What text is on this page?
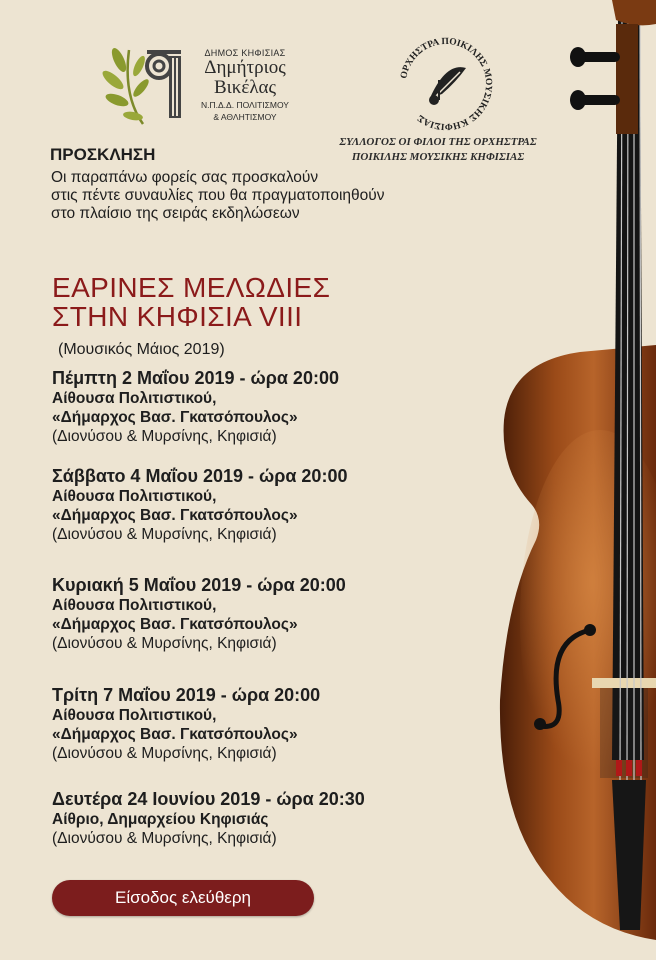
ΔΗΜΟΣ ΚΗΦΙΣΙΑΣ
Δημήτριος
Βικέλας
Ν.Π.Δ.Δ. ΠΟΛΙΤΙΣΜΟΥ
& ΑΘΛΗΤΙΣΜΟΥ
ΟΡΧΗΣΤΡΑ ΠΟΙΚΙΛΗΣ ΜΟΥΣΙΚΗΣ ΚΗΦΙΣΙΑΣ
ΣΥΛΛΟΓΟΣ ΟΙ ΦΙΛΟΙ ΤΗΣ ΟΡΧΗΣΤΡΑΣ
ΠΟΙΚΙΛΗΣ ΜΟΥΣΙΚΗΣ ΚΗΦΙΣΙΑΣ
ΠΡΟΣΚΛΗΣΗ
Οι παραπάνω φορείς σας προσκαλούν
στις πέντε συναυλίες που θα πραγματοποιηθούν
στο πλαίσιο της σειράς εκδηλώσεων
ΕΑΡΙΝΕΣ ΜΕΛΩΔΙΕΣ
ΣΤΗΝ ΚΗΦΙΣΙΑ VIII
(Μουσικός Μάιος 2019)
Πέμπτη 2 Μαΐου 2019 - ώρα 20:00
Αίθουσα Πολιτιστικού,
«Δήμαρχος Βασ. Γκατσόπουλος»
(Διονύσου & Μυρσίνης, Κηφισιά)
Σάββατο 4 Μαΐου 2019 - ώρα 20:00
Αίθουσα Πολιτιστικού,
«Δήμαρχος Βασ. Γκατσόπουλος»
(Διονύσου & Μυρσίνης, Κηφισιά)
Κυριακή 5 Μαΐου 2019 - ώρα 20:00
Αίθουσα Πολιτιστικού,
«Δήμαρχος Βασ. Γκατσόπουλος»
(Διονύσου & Μυρσίνης, Κηφισιά)
Τρίτη 7 Μαΐου 2019 - ώρα 20:00
Αίθουσα Πολιτιστικού,
«Δήμαρχος Βασ. Γκατσόπουλος»
(Διονύσου & Μυρσίνης, Κηφισιά)
Δευτέρα 24 Ιουνίου 2019 - ώρα 20:30
Αίθριο, Δημαρχείου Κηφισιάς
(Διονύσου & Μυρσίνης, Κηφισιά)
Είσοδος ελεύθερη
